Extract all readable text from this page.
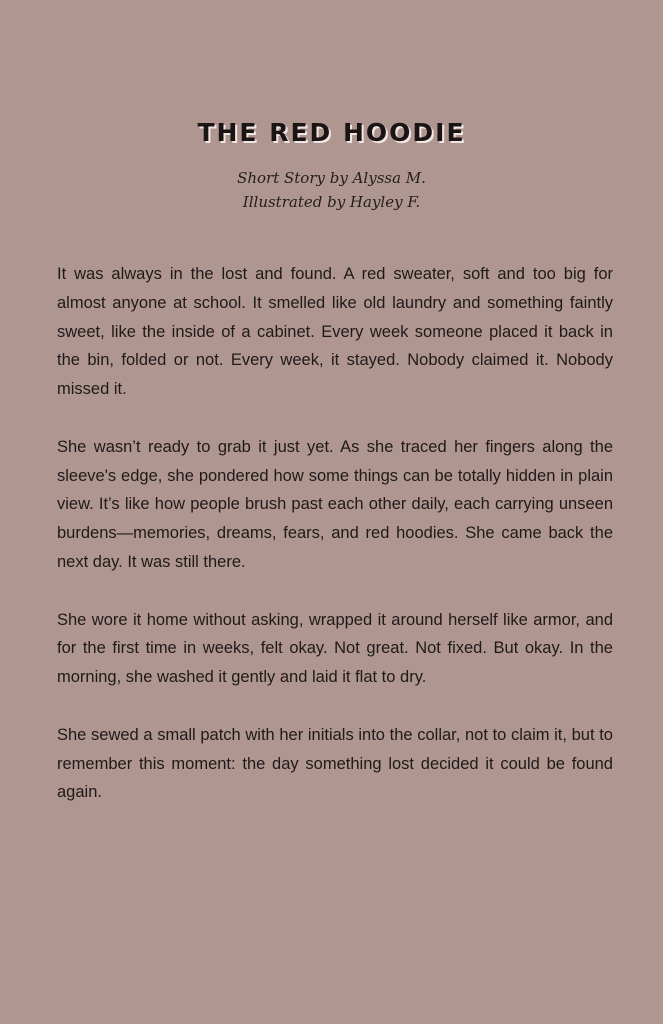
THE RED HOODIE
Short Story by Alyssa M.
Illustrated by Hayley F.

It was always in the lost and found. A red sweater, soft and too big for almost anyone at school. It smelled like old laundry and something faintly sweet, like the inside of a cabinet. Every week someone placed it back in the bin, folded or not. Every week, it stayed. Nobody claimed it. Nobody missed it.

She wasn’t ready to grab it just yet. As she traced her fingers along the sleeve's edge, she pondered how some things can be totally hidden in plain view. It’s like how people brush past each other daily, each carrying unseen burdens—memories, dreams, fears, and red hoodies. She came back the next day. It was still there.

She wore it home without asking, wrapped it around herself like armor, and for the first time in weeks, felt okay. Not great. Not fixed. But okay. In the morning, she washed it gently and laid it flat to dry.

She sewed a small patch with her initials into the collar, not to claim it, but to remember this moment: the day something lost decided it could be found again.
